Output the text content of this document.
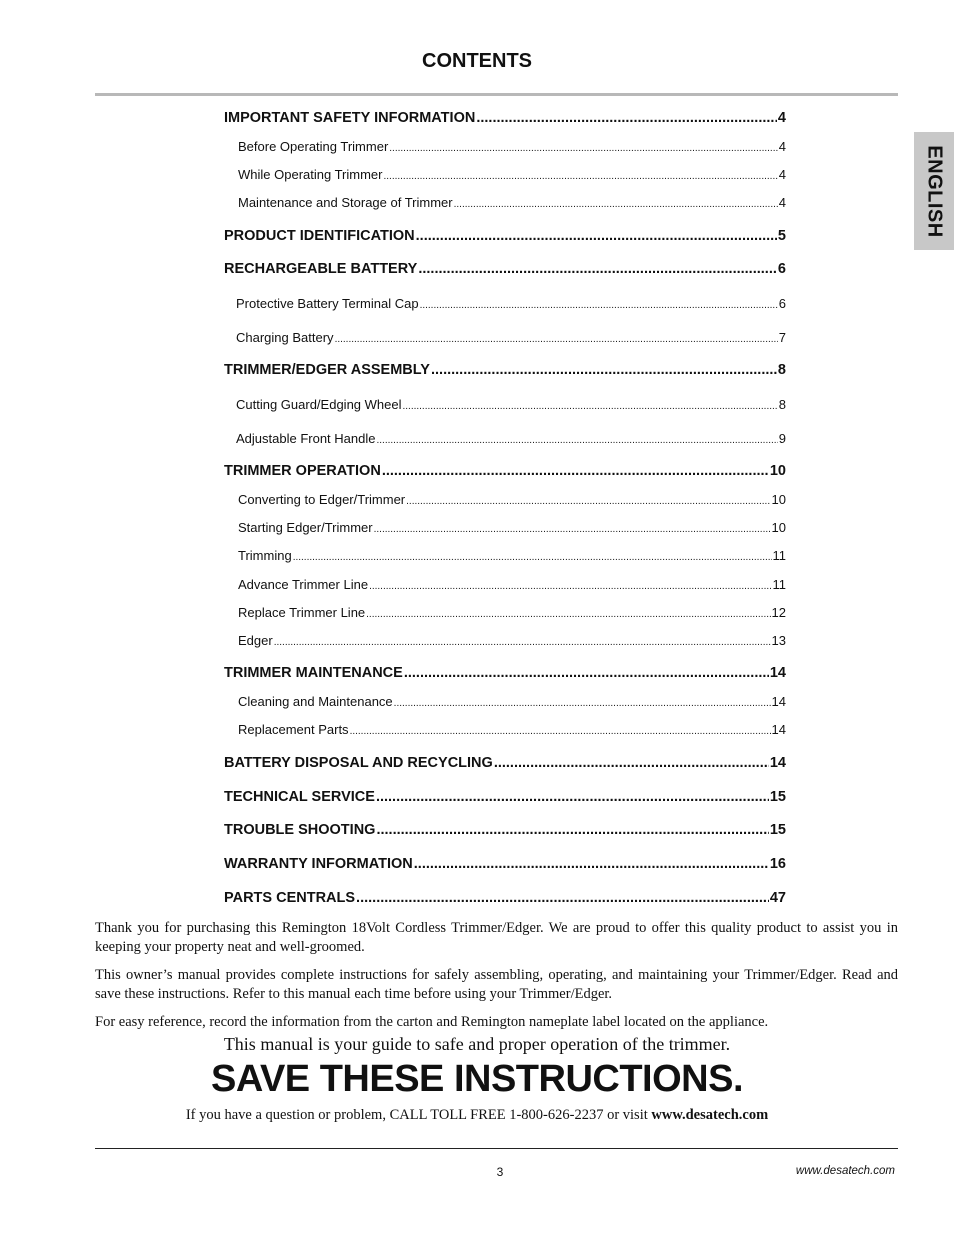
CONTENTS
ENGLISH
IMPORTANT SAFETY INFORMATION .....	4
Before Operating Trimmer .....	4
While Operating Trimmer .....	4
Maintenance and Storage of Trimmer .....	4
PRODUCT IDENTIFICATION .....	5
RECHARGEABLE BATTERY .....	6
Protective Battery Terminal Cap .....	6
Charging Battery .....	7
TRIMMER/EDGER ASSEMBLY .....	8
Cutting Guard/Edging Wheel .....	8
Adjustable Front Handle .....	9
TRIMMER OPERATION .....	10
Converting to Edger/Trimmer .....	10
Starting Edger/Trimmer .....	10
Trimming .....	11
Advance Trimmer Line .....	11
Replace Trimmer Line .....	12
Edger .....	13
TRIMMER MAINTENANCE .....	14
Cleaning and Maintenance .....	14
Replacement Parts .....	14
BATTERY DISPOSAL AND RECYCLING .....	14
TECHNICAL SERVICE .....	15
TROUBLE SHOOTING .....	15
WARRANTY INFORMATION .....	16
PARTS CENTRALS .....	47

Thank you for purchasing this Remington 18Volt Cordless Trimmer/Edger. We are proud to offer this quality product to assist you in keeping your property neat and well-groomed.

This owner’s manual provides complete instructions for safely assembling, operating, and maintaining your Trimmer/Edger. Read and save these instructions. Refer to this manual each time before using your Trimmer/Edger.

For easy reference, record the information from the carton and Remington nameplate label located on the appliance.

This manual is your guide to safe and proper operation of the trimmer.
SAVE THESE INSTRUCTIONS.
If you have a question or problem, CALL TOLL FREE 1-800-626-2237 or visit www.desatech.com
3	www.desatech.com
